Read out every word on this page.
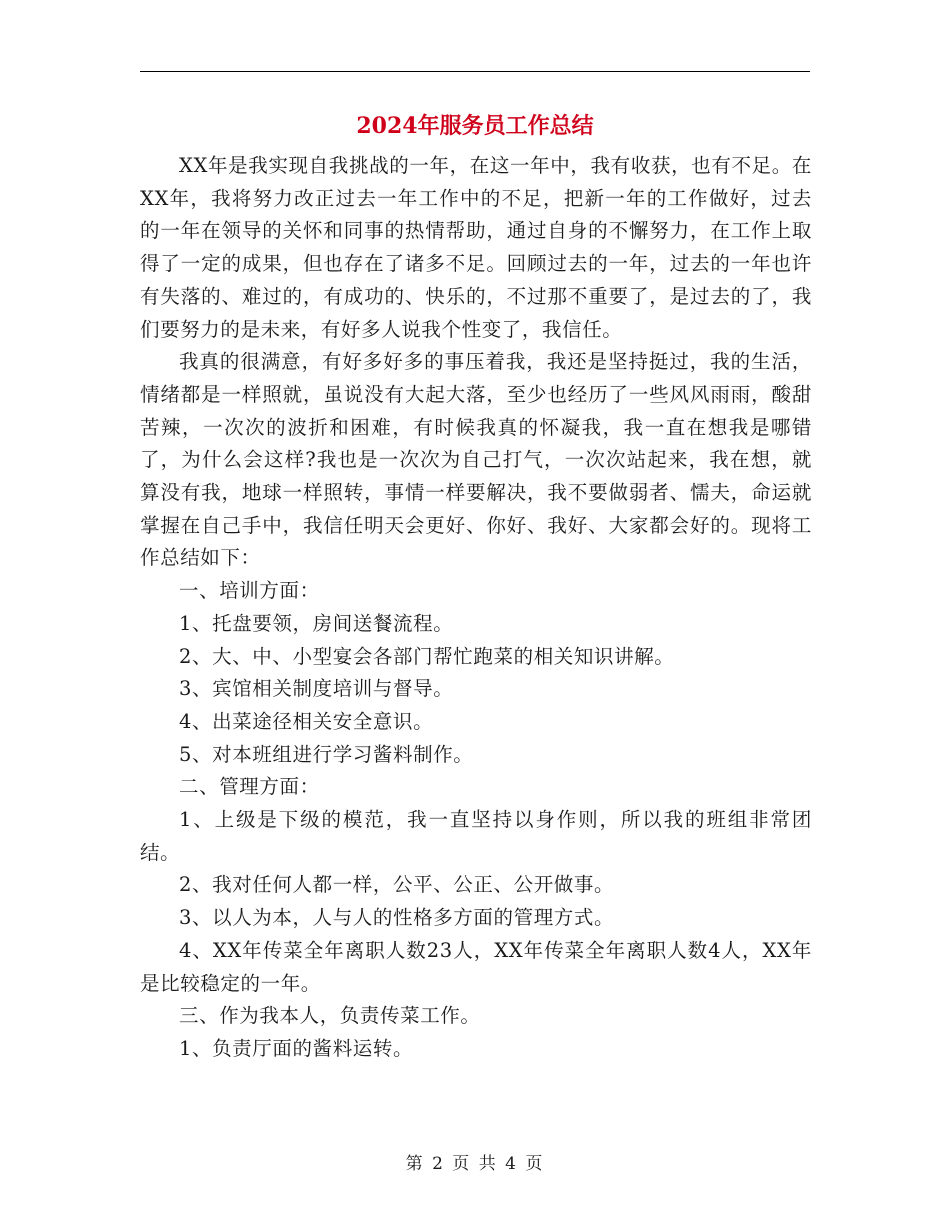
2024年服务员工作总结

XX年是我实现自我挑战的一年，在这一年中，我有收获，也有不足。在XX年，我将努力改正过去一年工作中的不足，把新一年的工作做好，过去的一年在领导的关怀和同事的热情帮助，通过自身的不懈努力，在工作上取得了一定的成果，但也存在了诸多不足。回顾过去的一年，过去的一年也许有失落的、难过的，有成功的、快乐的，不过那不重要了，是过去的了，我们要努力的是未来，有好多人说我个性变了，我信任。

我真的很满意，有好多好多的事压着我，我还是坚持挺过，我的生活，情绪都是一样照就，虽说没有大起大落，至少也经历了一些风风雨雨，酸甜苦辣，一次次的波折和困难，有时候我真的怀凝我，我一直在想我是哪错了，为什么会这样?我也是一次次为自己打气，一次次站起来，我在想，就算没有我，地球一样照转，事情一样要解决，我不要做弱者、懦夫，命运就掌握在自己手中，我信任明天会更好、你好、我好、大家都会好的。现将工作总结如下：

一、培训方面：

1、托盘要领，房间送餐流程。

2、大、中、小型宴会各部门帮忙跑菜的相关知识讲解。

3、宾馆相关制度培训与督导。

4、出菜途径相关安全意识。

5、对本班组进行学习酱料制作。

二、管理方面：

1、上级是下级的模范，我一直坚持以身作则，所以我的班组非常团结。

2、我对任何人都一样，公平、公正、公开做事。

3、以人为本，人与人的性格多方面的管理方式。

4、XX年传菜全年离职人数23人，XX年传菜全年离职人数4人，XX年是比较稳定的一年。

三、作为我本人，负责传菜工作。

1、负责厅面的酱料运转。

第 2 页 共 4 页
